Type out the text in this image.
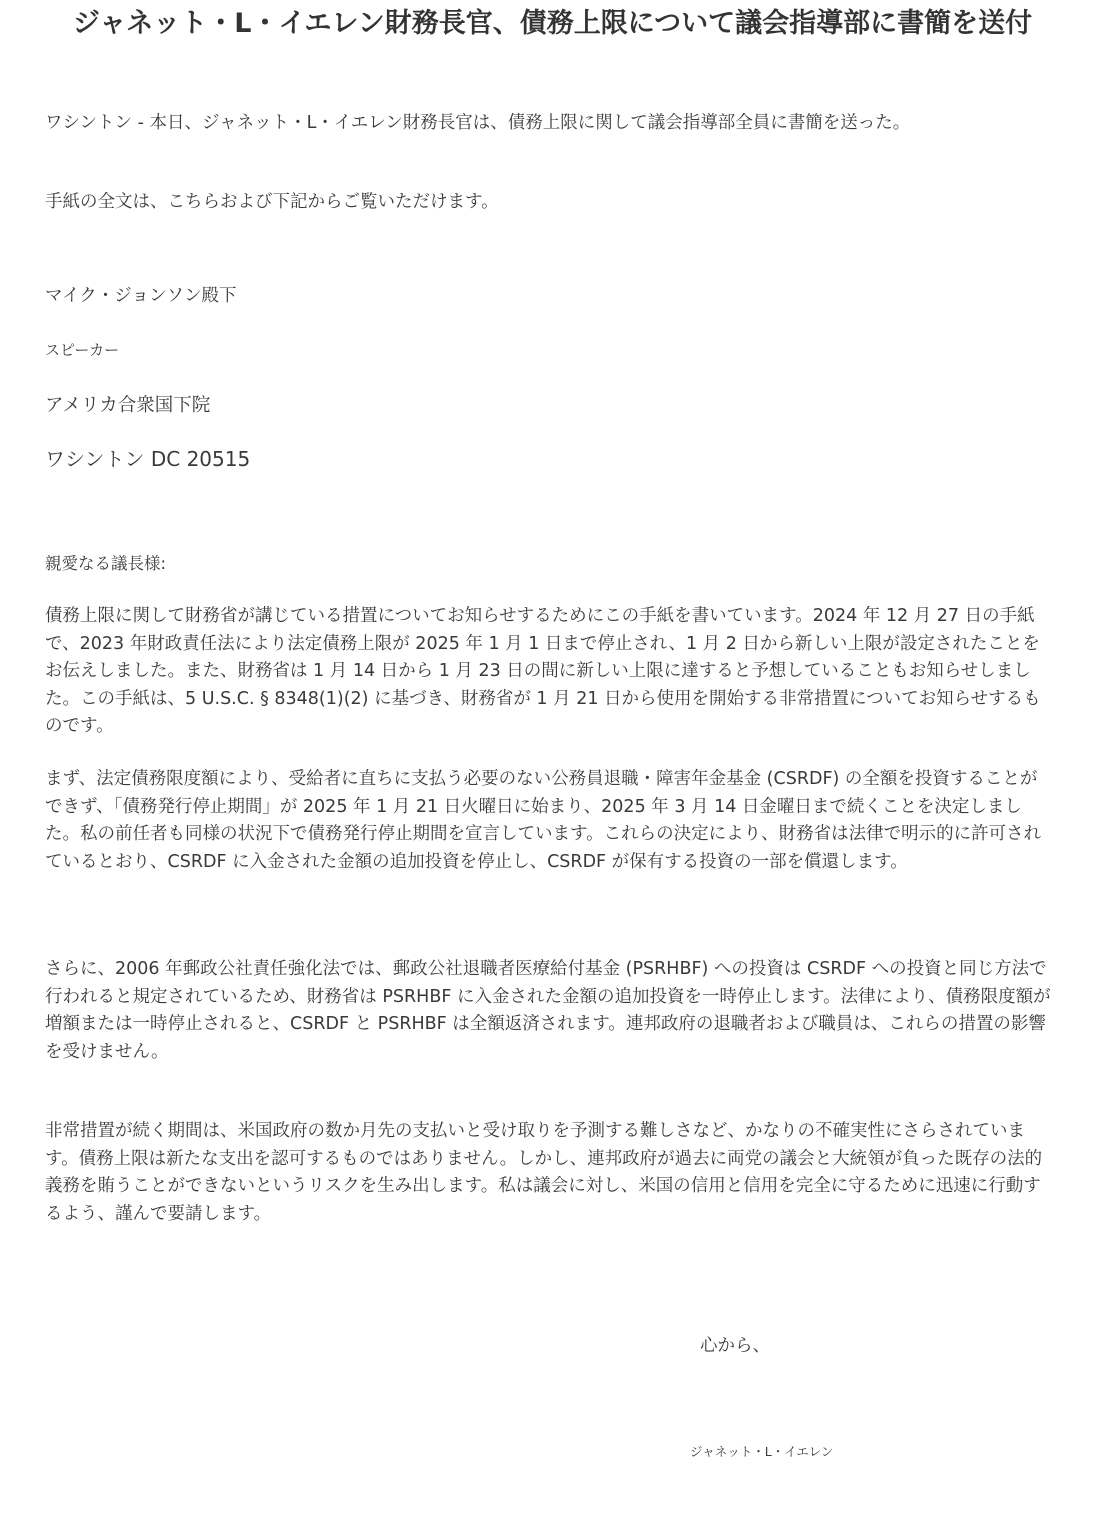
ジャネット・L・イエレン財務長官、債務上限について議会指導部に書簡を送付

ワシントン - 本日、ジャネット・L・イエレン財務長官は、債務上限に関して議会指導部全員に書簡を送った。

手紙の全文は、こちらおよび下記からご覧いただけます。

マイク・ジョンソン殿下

スピーカー

アメリカ合衆国下院

ワシントン DC 20515

親愛なる議長様:

債務上限に関して財務省が講じている措置についてお知らせするためにこの手紙を書いています。2024 年 12 月 27 日の手紙で、2023 年財政責任法により法定債務上限が 2025 年 1 月 1 日まで停止され、1 月 2 日から新しい上限が設定されたことをお伝えしました。また、財務省は 1 月 14 日から 1 月 23 日の間に新しい上限に達すると予想していることもお知らせしました。この手紙は、5 U.S.C. § 8348(1)(2) に基づき、財務省が 1 月 21 日から使用を開始する非常措置についてお知らせするものです。

まず、法定債務限度額により、受給者に直ちに支払う必要のない公務員退職・障害年金基金 (CSRDF) の全額を投資することができず、「債務発行停止期間」が 2025 年 1 月 21 日火曜日に始まり、2025 年 3 月 14 日金曜日まで続くことを決定しました。私の前任者も同様の状況下で債務発行停止期間を宣言しています。これらの決定により、財務省は法律で明示的に許可されているとおり、CSRDF に入金された金額の追加投資を停止し、CSRDF が保有する投資の一部を償還します。

さらに、2006 年郵政公社責任強化法では、郵政公社退職者医療給付基金 (PSRHBF) への投資は CSRDF への投資と同じ方法で行われると規定されているため、財務省は PSRHBF に入金された金額の追加投資を一時停止します。法律により、債務限度額が増額または一時停止されると、CSRDF と PSRHBF は全額返済されます。連邦政府の退職者および職員は、これらの措置の影響を受けません。

非常措置が続く期間は、米国政府の数か月先の支払いと受け取りを予測する難しさなど、かなりの不確実性にさらされています。債務上限は新たな支出を認可するものではありません。しかし、連邦政府が過去に両党の議会と大統領が負った既存の法的義務を賄うことができないというリスクを生み出します。私は議会に対し、米国の信用と信用を完全に守るために迅速に行動するよう、謹んで要請します。

心から、

ジャネット・L・イエレン
